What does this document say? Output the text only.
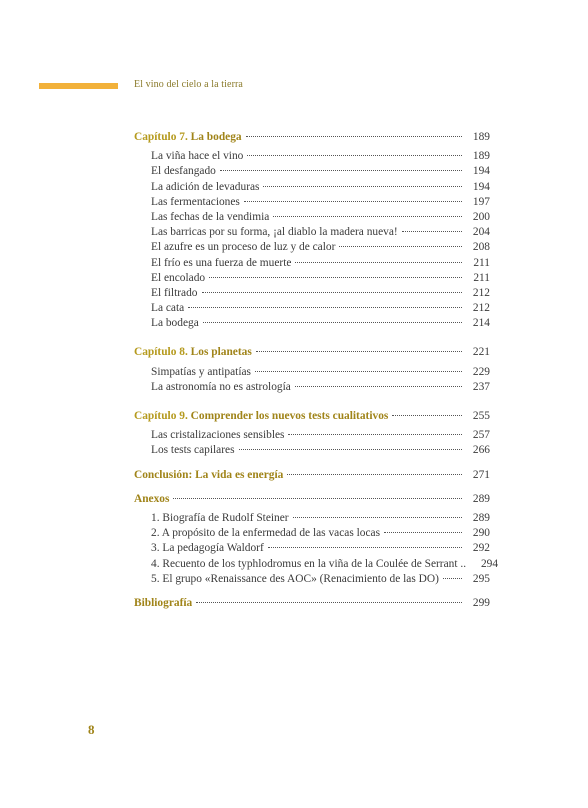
El vino del cielo a la tierra
Capítulo 7. La bodega	189
La viña hace el vino	189
El desfangado	194
La adición de levaduras	194
Las fermentaciones	197
Las fechas de la vendimia	200
Las barricas por su forma, ¡al diablo la madera nueva!	204
El azufre es un proceso de luz y de calor	208
El frío es una fuerza de muerte	211
El encolado	211
El filtrado	212
La cata	212
La bodega	214
Capítulo 8. Los planetas	221
Simpatías y antipatías	229
La astronomía no es astrología	237
Capítulo 9. Comprender los nuevos tests cualitativos	255
Las cristalizaciones sensibles	257
Los tests capilares	266
Conclusión: La vida es energía	271
Anexos	289
1. Biografía de Rudolf Steiner	289
2. A propósito de la enfermedad de las vacas locas	290
3. La pedagogía Waldorf	292
4. Recuento de los typhlodromus en la viña de la Coulée de Serrant ..	294
5. El grupo «Renaissance des AOC» (Renacimiento de las DO)	295
Bibliografía	299
8
